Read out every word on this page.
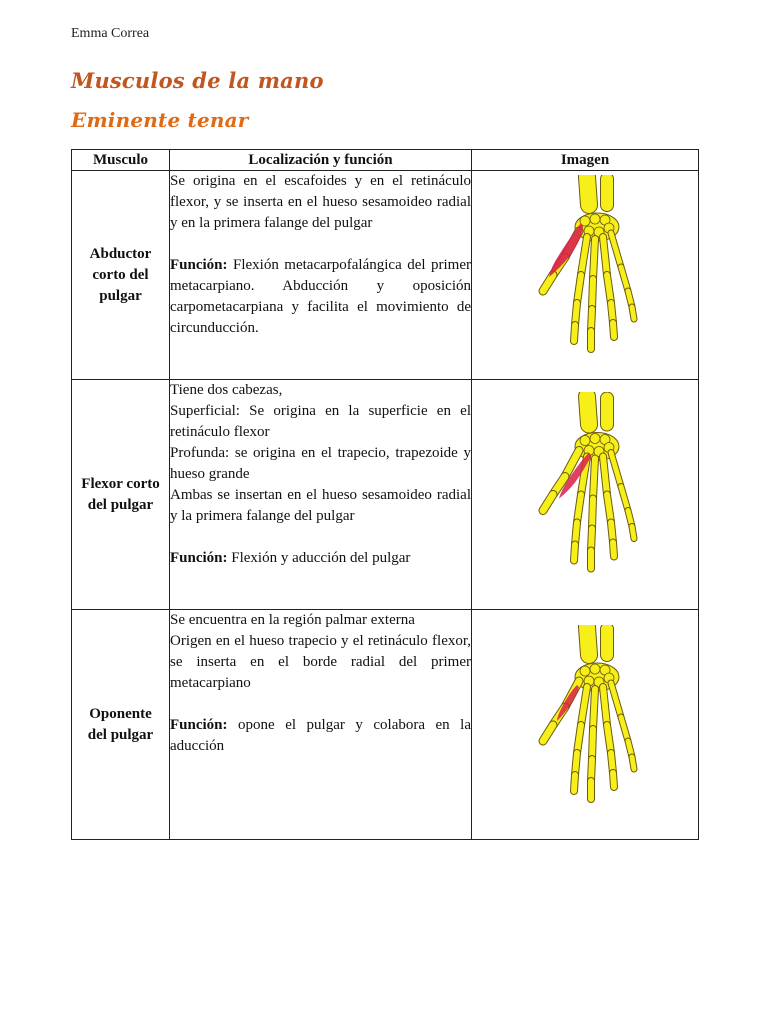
Emma Correa
Musculos de la mano
Eminente tenar
Musculo	Localización y función	Imagen

Abductor corto del pulgar	Se origina en el escafoides y en el retináculo flexor, y se inserta en el hueso sesamoideo radial y en la primera falange del pulgar

Función: Flexión metacarpofalángica del primer metacarpiano. Abducción y oposición carpometacarpiana y facilita el movimiento de circunducción.

Flexor corto del pulgar	Tiene dos cabezas,

Superficial: Se origina en la superficie en el retináculo flexor

Profunda: se origina en el trapecio, trapezoide y hueso grande

Ambas se insertan en el hueso sesamoideo radial y la primera falange del pulgar

Función: Flexión y aducción del pulgar

Oponente del pulgar	Se encuentra en la región palmar externa

Origen en el hueso trapecio y el retináculo flexor, se inserta en el borde radial del primer metacarpiano

Función: opone el pulgar y colabora en la aducción
